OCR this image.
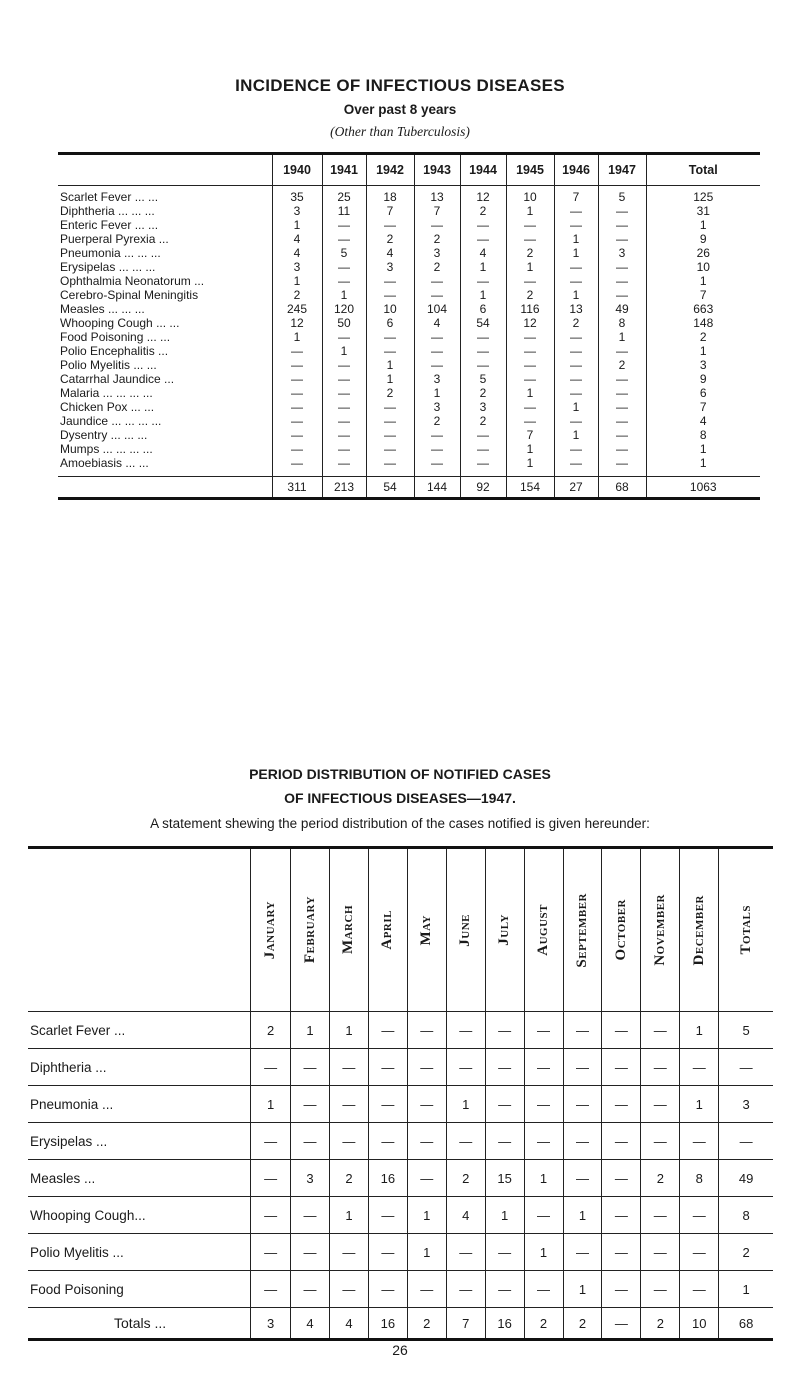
INCIDENCE OF INFECTIOUS DISEASES
Over past 8 years
(Other than Tuberculosis)
	1940	1941	1942	1943	1944	1945	1946	1947	Total
Scarlet Fever ... ...	35	25	18	13	12	10	7	5	125
Diphtheria ... ... ...	3	11	7	7	2	1	—	—	31
Enteric Fever ... ...	1	—	—	—	—	—	—	—	1
Puerperal Pyrexia ...	4	—	2	2	—	—	1	—	9
Pneumonia ... ... ...	4	5	4	3	4	2	1	3	26
Erysipelas ... ... ...	3	—	3	2	1	1	—	—	10
Ophthalmia Neonatorum ...	1	—	—	—	—	—	—	—	1
Cerebro-Spinal Meningitis	2	1	—	—	1	2	1	—	7
Measles ... ... ...	245	120	10	104	6	116	13	49	663
Whooping Cough ... ...	12	50	6	4	54	12	2	8	148
Food Poisoning ... ...	1	—	—	—	—	—	—	1	2
Polio Encephalitis ...	—	1	—	—	—	—	—	—	1
Polio Myelitis ... ...	—	—	1	—	—	—	—	2	3
Catarrhal Jaundice ...	—	—	1	3	5	—	—	—	9
Malaria ... ... ... ...	—	—	2	1	2	1	—	—	6
Chicken Pox ... ...	—	—	—	3	3	—	1	—	7
Jaundice ... ... ... ...	—	—	—	2	2	—	—	—	4
Dysentry ... ... ...	—	—	—	—	—	7	1	—	8
Mumps ... ... ... ...	—	—	—	—	—	1	—	—	1
Amoebiasis ... ...	—	—	—	—	—	1	—	—	1
	311	213	54	144	92	154	27	68	1063
PERIOD DISTRIBUTION OF NOTIFIED CASES
OF INFECTIOUS DISEASES—1947.
A statement shewing the period distribution of the cases notified is given hereunder:

	January	February	March	April	May	June	July	August	September	October	November	December	Totals

Scarlet Fever ...	2	1	1	—	—	—	—	—	—	—	—	1	5
Diphtheria ...	—	—	—	—	—	—	—	—	—	—	—	—	—
Pneumonia ...	1	—	—	—	—	1	—	—	—	—	—	1	3
Erysipelas ...	—	—	—	—	—	—	—	—	—	—	—	—	—
Measles ...	—	3	2	16	—	2	15	1	—	—	2	8	49
Whooping Cough...	—	—	1	—	1	4	1	—	1	—	—	—	8
Polio Myelitis ...	—	—	—	—	1	—	—	1	—	—	—	—	2
Food Poisoning	—	—	—	—	—	—	—	—	1	—	—	—	1
Totals ...	3	4	4	16	2	7	16	2	2	—	2	10	68
26
